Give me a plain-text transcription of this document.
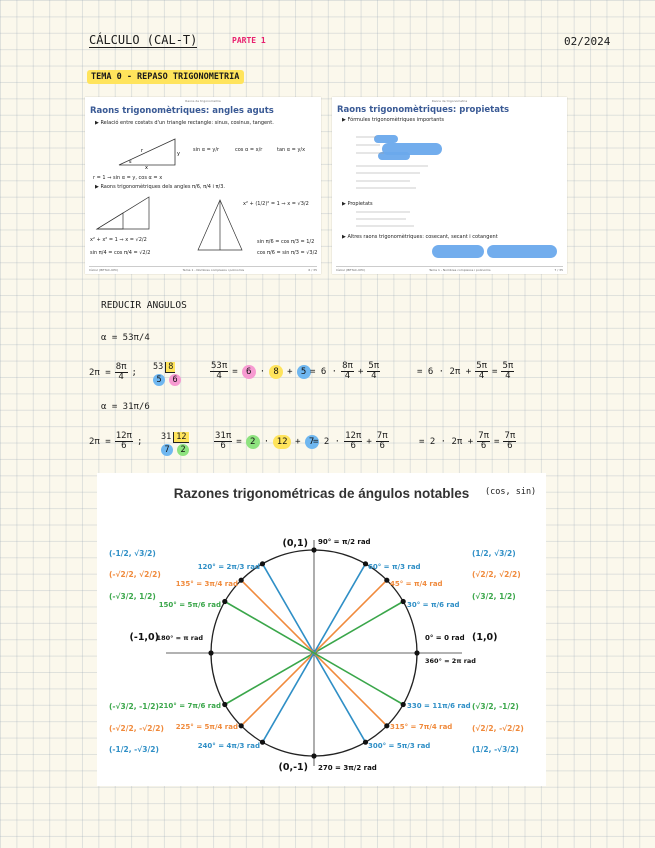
CÁLCULO (CAL-T)	PARTE 1	02/2024
TEMA 0 - REPASO TRIGONOMETRIA
Raons de trigonometria
Raons trigonomètriques: angles aguts
▶ Relació entre costats d'un triangle rectangle: sinus, cosinus, tangent.
r	y
x
α
sin α = y/r	cos α = x/r	tan α = y/x
r = 1 ⇒ sin α = y, cos α = x
▶ Raons trigonomètriques dels angles π/6, π/4 i π/3.
x² + (1/2)² = 1 ⇒ x = √3/2
x² + x² = 1 ⇒ x = √2/2
sin π/4 = cos π/4 = √2/2
sin π/6 = cos π/3 = 1/2
cos π/6 = sin π/3 = √3/2
Càlcul (BETAC-UPC)	Tema 1 - Nombres complexos i polinomis	6 / 35
Raons de trigonometria
Raons trigonomètriques: propietats
▶ Fórmules trigonomètriques importants
▶ Propietats
▶ Altres raons trigonomètriques: cosecant, secant i cotangent
Càlcul (BETAC-UPC)	Tema 1 - Nombres complexos i polinomis	7 / 35
REDUCIR ANGULOS
α = 53π/4
$2\pi = \frac{8\pi}{4}$ ;
53 8
5	6	$\frac{53\pi}{4} = 6 \cdot 8 + 5 = 6 \cdot \frac{8\pi}{4} + \frac{5\pi}{4}$	= $6 \cdot 2\pi + \frac{5\pi}{4} = \frac{5\pi}{4}$
α = 31π/6
$2\pi = \frac{12\pi}{6}$ ; 31 12
7	2	$\frac{31\pi}{6} = 2 \cdot 12 + 7$
= $2 \cdot \frac{12\pi}{6} + \frac{7\pi}{6}$	= $2 \cdot 2\pi + \frac{7\pi}{6} = \frac{7\pi}{6}$
Razones trigonométricas de ángulos notables	(cos, sin)
90° = π/2 rad
(0,1)
60° = π/3 rad
45° = π/4 rad
30° = π/6 rad
0° = 0 rad (1,0)
360° = 2π rad
120° = 2π/3 rad
135° = 3π/4 rad
150° = 5π/6 rad
180° = π rad
(-1,0)
210° = 7π/6 rad
225° = 5π/4 rad
240° = 4π/3 rad
(0,-1) 270 = 3π/2 rad
300° = 5π/3 rad
315° = 7π/4 rad
330 = 11π/6 rad
(-1/2, √3/2)
(-√2/2, √2/2)
(-√3/2, 1/2)
(1/2, √3/2)
(√2/2, √2/2)
(√3/2, 1/2)
(-√3/2, -1/2)
(-√2/2, -√2/2)
(-1/2, -√3/2)
(√3/2, -1/2)
(√2/2, -√2/2)
(1/2, -√3/2)
